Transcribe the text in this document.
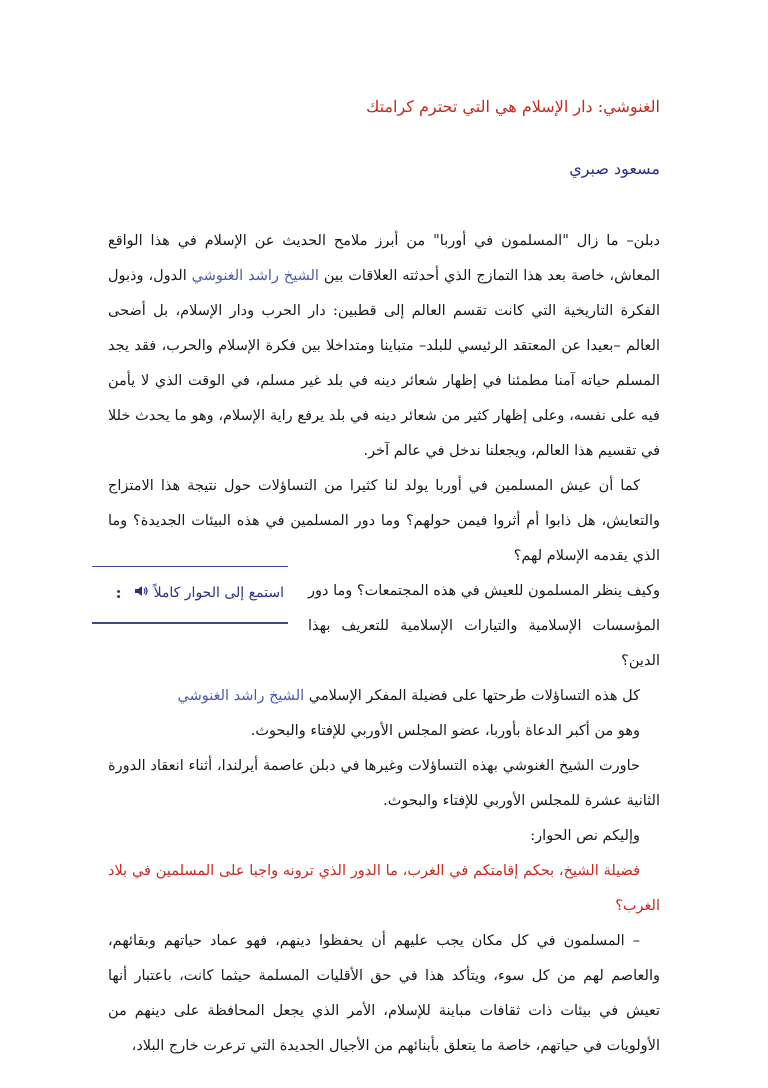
الغنوشي: دار الإسلام هي التي تحترم كرامتك
مسعود صبري

دبلن– ما زال "المسلمون في أوربا" من أبرز ملامح الحديث عن الإسلام في هذا الواقع المعاش، خاصة بعد هذا التمازج الذي أحدثته العلاقات بين الشيخ راشد الغنوشي الدول، وذبول الفكرة التاريخية التي كانت تقسم العالم إلى قطبين: دار الحرب ودار الإسلام، بل أضحى العالم –بعيدا عن المعتقد الرئيسي للبلد– متباينا ومتداخلا بين فكرة الإسلام والحرب، فقد يجد المسلم حياته آمنا مطمئنا في إظهار شعائر دينه في بلد غير مسلم، في الوقت الذي لا يأمن فيه على نفسه، وعلى إظهار كثير من شعائر دينه في بلد يرفع راية الإسلام، وهو ما يحدث خللا في تقسيم هذا العالم، ويجعلنا ندخل في عالم آخر.

كما أن عيش المسلمين في أوربا يولد لنا كثيرا من التساؤلات حول نتيجة هذا الامتزاج والتعايش، هل ذابوا أم أثروا فيمن حولهم؟ وما دور المسلمين في هذه البيئات الجديدة؟ وما الذي يقدمه الإسلام لهم؟

وكيف ينظر المسلمون للعيش في هذه المجتمعات؟ وما دور المؤسسات الإسلامية والتيارات الإسلامية للتعريف بهذا الدين؟

كل هذه التساؤلات طرحتها على فضيلة المفكر الإسلامي الشيخ راشد الغنوشي

وهو من أكبر الدعاة بأوربا، عضو المجلس الأوربي للإفتاء والبحوث.

حاورت الشيخ الغنوشي بهذه التساؤلات وغيرها في دبلن عاصمة أيرلندا، أثناء انعقاد الدورة الثانية عشرة للمجلس الأوربي للإفتاء والبحوث.

وإليكم نص الحوار:

فضيلة الشيخ، بحكم إقامتكم في الغرب، ما الدور الذي ترونه واجبا على المسلمين في بلاد الغرب؟

– المسلمون في كل مكان يجب عليهم أن يحفظوا دينهم، فهو عماد حياتهم وبقائهم، والعاصم لهم من كل سوء، ويتأكد هذا في حق الأقليات المسلمة حيثما كانت، باعتبار أنها تعيش في بيئات ذات ثقافات مباينة للإسلام، الأمر الذي يجعل المحافظة على دينهم من الأولويات في حياتهم، خاصة ما يتعلق بأبنائهم من الأجيال الجديدة التي ترعرت خارج البلاد،

استمع إلى الحوار كاملاً
:
